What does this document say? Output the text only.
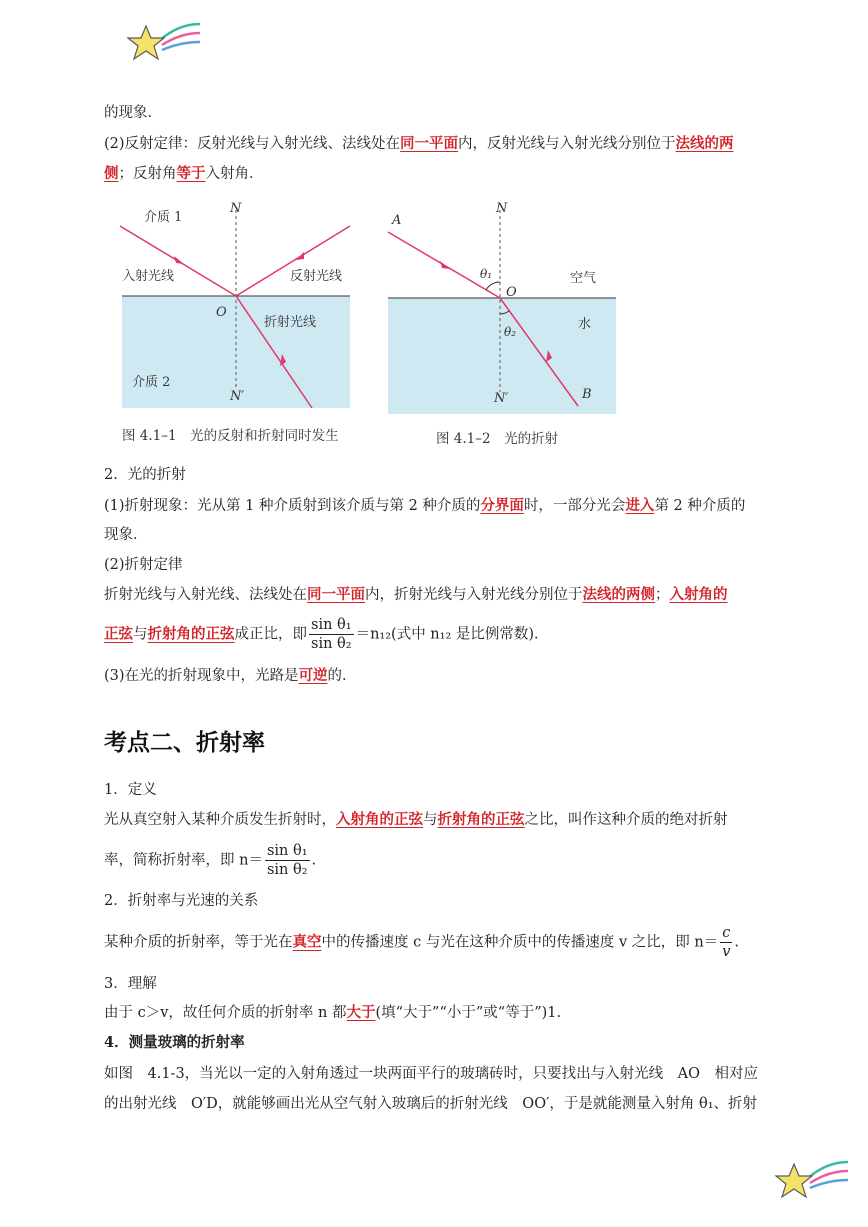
的现象．
(2)反射定律：反射光线与入射光线、法线处在同一平面内，反射光线与入射光线分别位于法线的两
侧；反射角等于入射角．
介质 1
介质 2
N
N′
O
入射光线	反射光线
折射光线
图 4.1–1　光的反射和折射同时发生
A
B
N
N′
O
θ₁
θ₂
空气
水
图 4.1–2　光的折射
2．光的折射
(1)折射现象：光从第 1 种介质射到该介质与第 2 种介质的分界面时，一部分光会进入第 2 种介质的
现象．
(2)折射定律
折射光线与入射光线、法线处在同一平面内，折射光线与入射光线分别位于法线的两侧；入射角的
正弦与折射角的正弦成正比，即 $\frac{\text{sin θ₁}}{\text{sin θ₂}} =n_{12}$(式中 n₁₂ 是比例常数)．
(3)在光的折射现象中，光路是可逆的．
考点二、折射率
1．定义
光从真空射入某种介质发生折射时，入射角的正弦与折射角的正弦之比，叫作这种介质的绝对折射
率，简称折射率，即 $n= \frac{\text{sin θ₁}}{\text{sin θ₂}}$ .
2．折射率与光速的关系
某种介质的折射率，等于光在真空中的传播速度 c 与光在这种介质中的传播速度 v 之比，即 $n= \frac{c}{v}$ .
3．理解
由于 c＞v，故任何介质的折射率 n 都大于(填“大于”“小于”或“等于”)1.
4．测量玻璃的折射率
如图　4.1-3，当光以一定的入射角透过一块两面平行的玻璃砖时，只要找出与入射光线　AO　相对应
的出射光线　O′D，就能够画出光从空气射入玻璃后的折射光线　OO′，于是就能测量入射角 θ₁、折射
